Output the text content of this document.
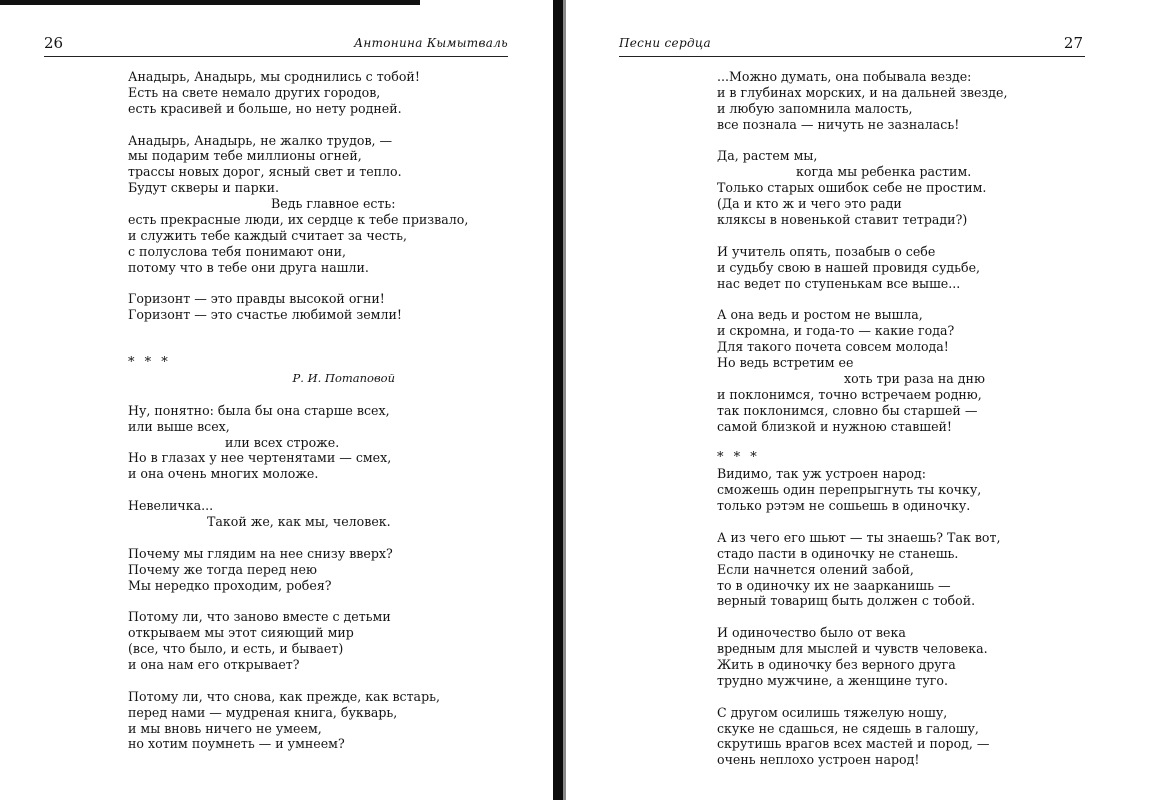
26	Антонина Кымытваль
Анадырь, Анадырь, мы сроднились с тобой!
Есть на свете немало других городов,
есть красивей и больше, но нету родней.
Анадырь, Анадырь, не жалко трудов, —
мы подарим тебе миллионы огней,
трассы новых дорог, ясный свет и тепло.
Будут скверы и парки.
Ведь главное есть:
есть прекрасные люди, их сердце к тебе призвало,
и служить тебе каждый считает за честь,
с полуслова тебя понимают они,
потому что в тебе они друга нашли.
Горизонт — это правды высокой огни!
Горизонт — это счастье любимой земли!
* * *
Р. И. Потаповой
Ну, понятно: была бы она старше всех,
или выше всех,
или всех строже.
Но в глазах у нее чертенятами — смех,
и она очень многих моложе.
Невеличка...
Такой же, как мы, человек.
Почему мы глядим на нее снизу вверх?
Почему же тогда перед нею
Мы нередко проходим, робея?
Потому ли, что заново вместе с детьми
открываем мы этот сияющий мир
(все, что было, и есть, и бывает)
и она нам его открывает?
Потому ли, что снова, как прежде, как встарь,
перед нами — мудреная книга, букварь,
и мы вновь ничего не умеем,
но хотим поумнеть — и умнеем?
Песни сердца	27
...Можно думать, она побывала везде:
и в глубинах морских, и на дальней звезде,
и любую запомнила малость,
все познала — ничуть не зазналась!
Да, растем мы,
когда мы ребенка растим.
Только старых ошибок себе не простим.
(Да и кто ж и чего это ради
кляксы в новенькой ставит тетради?)
И учитель опять, позабыв о себе
и судьбу свою в нашей провидя судьбе,
нас ведет по ступенькам все выше...
А она ведь и ростом не вышла,
и скромна, и года-то — какие года?
Для такого почета совсем молода!
Но ведь встретим ее
хоть три раза на дню
и поклонимся, точно встречаем родню,
так поклонимся, словно бы старшей —
самой близкой и нужною ставшей!
* * *
Видимо, так уж устроен народ:
сможешь один перепрыгнуть ты кочку,
только рэтэм не сошьешь в одиночку.
А из чего его шьют — ты знаешь? Так вот,
стадо пасти в одиночку не станешь.
Если начнется олений забой,
то в одиночку их не заарканишь —
верный товарищ быть должен с тобой.
И одиночество было от века
вредным для мыслей и чувств человека.
Жить в одиночку без верного друга
трудно мужчине, а женщине туго.
С другом осилишь тяжелую ношу,
скуке не сдашься, не сядешь в галошу,
скрутишь врагов всех мастей и пород, —
очень неплохо устроен народ!
